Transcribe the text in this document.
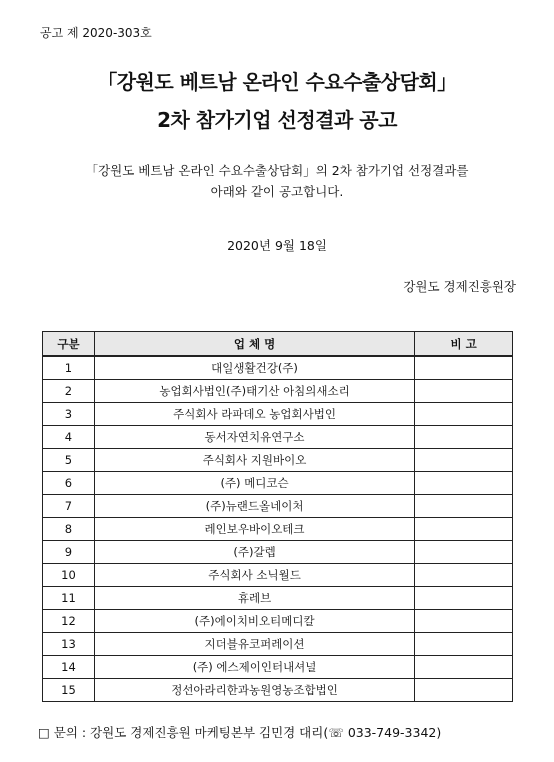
공고 제 2020-303호
「강원도 베트남 온라인 수요수출상담회」
2차 참가기업 선정결과 공고
「강원도 베트남 온라인 수요수출상담회」의 2차 참가기업 선정결과를
아래와 같이 공고합니다.
2020년 9월 18일
강원도 경제진흥원장
구분	업 체 명	비 고
1	대일생활건강(주)	
2	농업회사법인(주)태기산 아침의새소리	
3	주식회사 라파데오 농업회사법인	
4	동서자연치유연구소	
5	주식회사 지원바이오	
6	(주) 메디코슨	
7	(주)뉴랜드올네이처	
8	레인보우바이오테크	
9	(주)갈렙	
10	주식회사 소닉월드	
11	휴레브	
12	(주)에이치비오티메디칼	
13	지더블유코퍼레이션	
14	(주) 에스제이인터내셔널	
15	정선아라리한과농원영농조합법인	
□ 문의 : 강원도 경제진흥원 마케팅본부 김민경 대리(☏ 033-749-3342)
